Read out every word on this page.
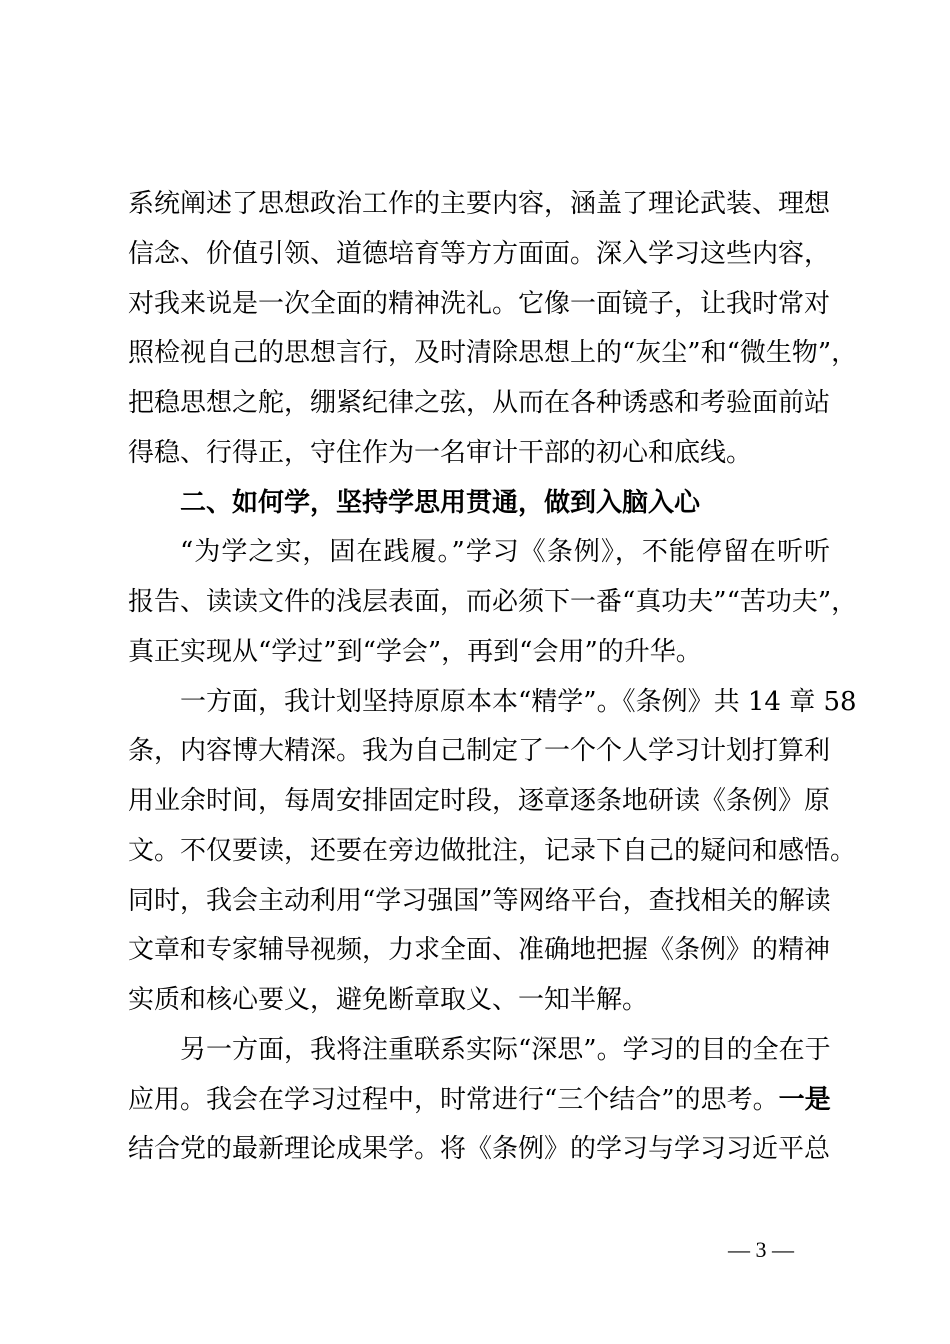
系统阐述了思想政治工作的主要内容，涵盖了理论武装、理想
信念、价值引领、道德培育等方方面面。深入学习这些内容，
对我来说是一次全面的精神洗礼。它像一面镜子，让我时常对
照检视自己的思想言行，及时清除思想上的“灰尘”和“微生物”，
把稳思想之舵，绷紧纪律之弦，从而在各种诱惑和考验面前站
得稳、行得正，守住作为一名审计干部的初心和底线。
二、如何学，坚持学思用贯通，做到入脑入心
“为学之实，固在践履。”学习《条例》，不能停留在听听
报告、读读文件的浅层表面，而必须下一番“真功夫”“苦功夫”，
真正实现从“学过”到“学会”，再到“会用”的升华。
一方面，我计划坚持原原本本“精学”。《条例》共 14 章 58
条，内容博大精深。我为自己制定了一个个人学习计划打算利
用业余时间，每周安排固定时段，逐章逐条地研读《条例》原
文。不仅要读，还要在旁边做批注，记录下自己的疑问和感悟。
同时，我会主动利用“学习强国”等网络平台，查找相关的解读
文章和专家辅导视频，力求全面、准确地把握《条例》的精神
实质和核心要义，避免断章取义、一知半解。
另一方面，我将注重联系实际“深思”。学习的目的全在于
应用。我会在学习过程中，时常进行“三个结合”的思考。一是
结合党的最新理论成果学。将《条例》的学习与学习习近平总
— 3 —
